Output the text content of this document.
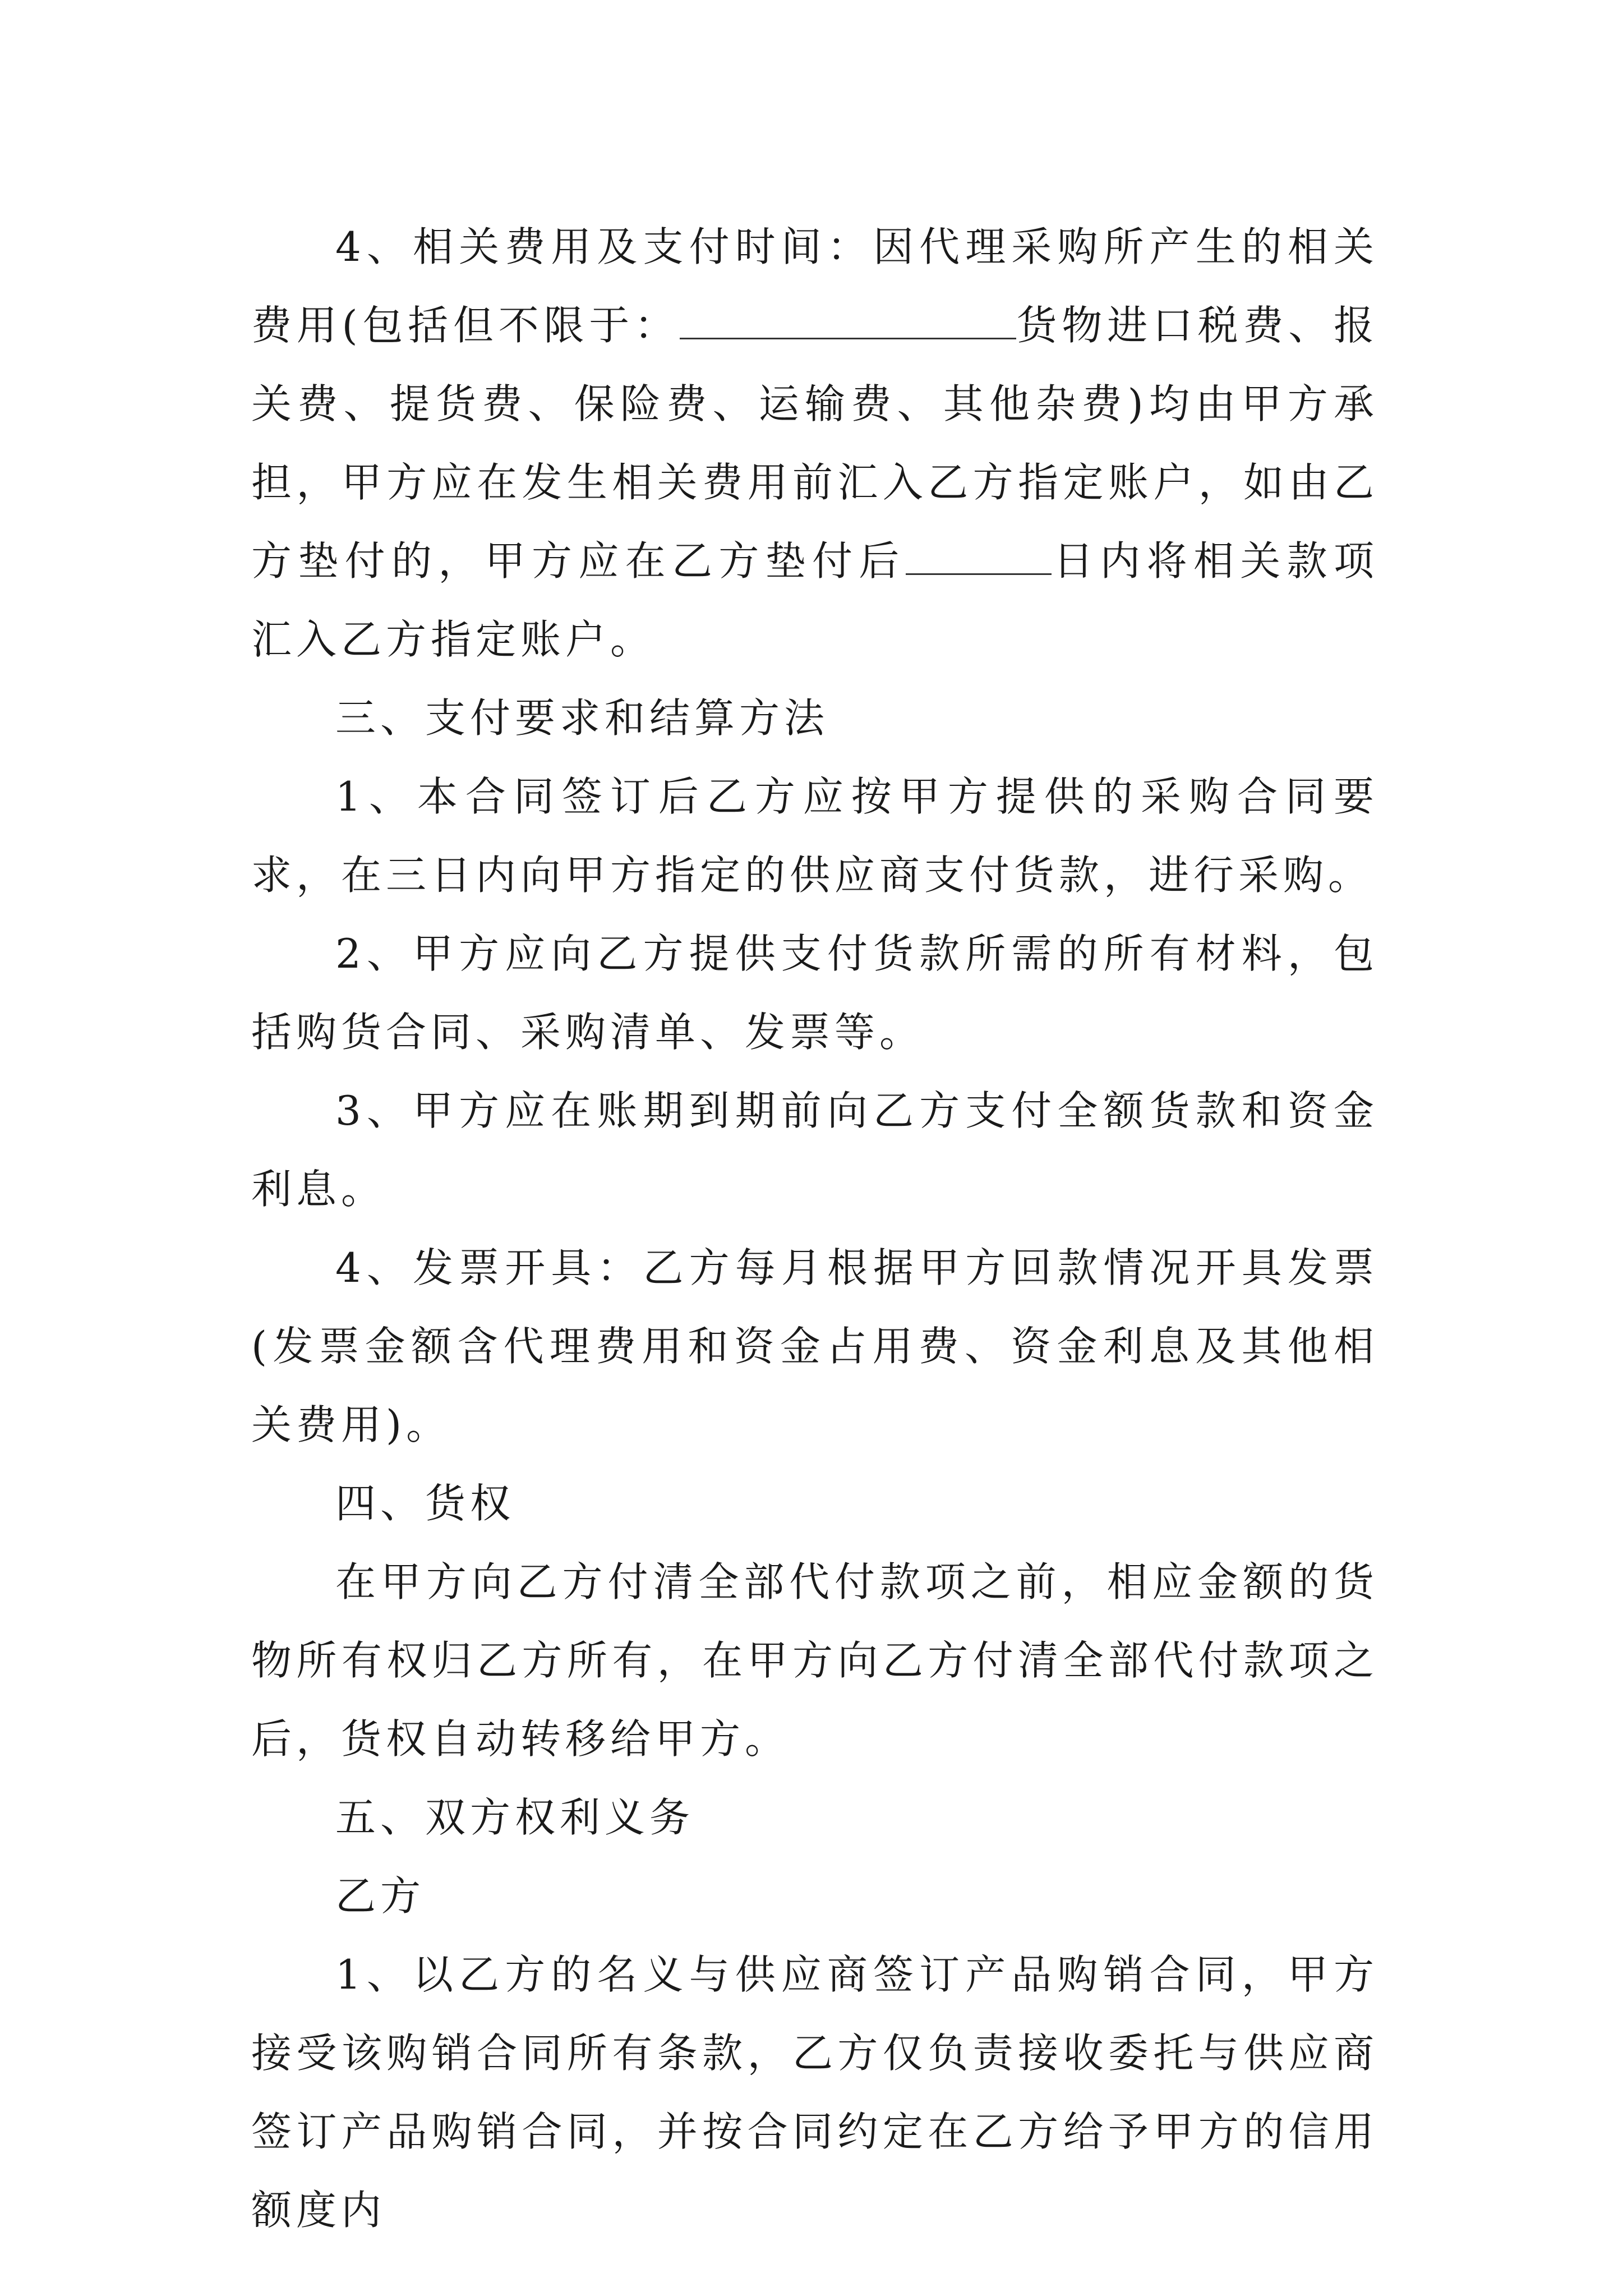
4、相关费用及支付时间：因代理采购所产生的相关费用(包括但不限于：	货物进口税费、报关费、提货费、保险费、运输费、其他杂费)均由甲方承担，甲方应在发生相关费用前汇入乙方指定账户，如由乙方垫付的，甲方应在乙方垫付后	日内将相关款项汇入乙方指定账户。

三、支付要求和结算方法

1、本合同签订后乙方应按甲方提供的采购合同要求，在三日内向甲方指定的供应商支付货款，进行采购。

2、甲方应向乙方提供支付货款所需的所有材料，包括购货合同、采购清单、发票等。

3、甲方应在账期到期前向乙方支付全额货款和资金利息。

4、发票开具：乙方每月根据甲方回款情况开具发票(发票金额含代理费用和资金占用费、资金利息及其他相关费用)。

四、货权

在甲方向乙方付清全部代付款项之前，相应金额的货物所有权归乙方所有，在甲方向乙方付清全部代付款项之后，货权自动转移给甲方。

五、双方权利义务

乙方

1、以乙方的名义与供应商签订产品购销合同，甲方接受该购销合同所有条款，乙方仅负责接收委托与供应商签订产品购销合同，并按合同约定在乙方给予甲方的信用额度内
